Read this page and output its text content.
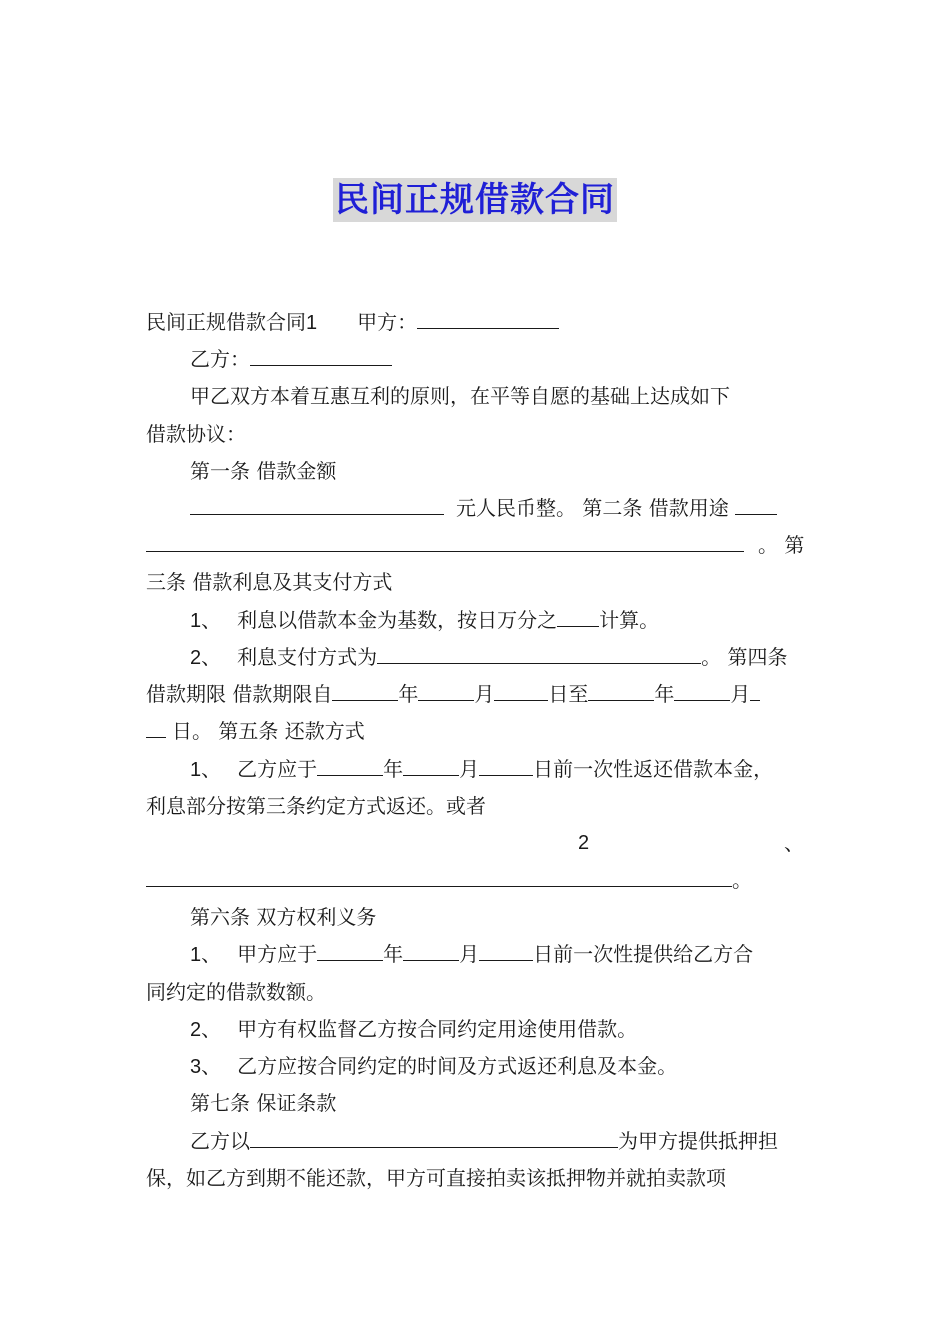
民间正规借款合同
民间正规借款合同1 甲方：
乙方：
甲乙双方本着互惠互利的原则，在平等自愿的基础上达成如下
借款协议：
第一条 借款金额
元人民币整。 第二条 借款用途
。 第
三条 借款利息及其支付方式
1、 利息以借款本金为基数，按日万分之 计算。
2、 利息支付方式为	。 第四条
借款期限 借款期限自	年	月	日至	年	月
日。 第五条 还款方式
1、 乙方应于	年	月	日前一次性返还借款本金，
利息部分按第三条约定方式返还。或者
2	、
。
第六条 双方权利义务
1、 甲方应于	年	月	日前一次性提供给乙方合
同约定的借款数额。
2、 甲方有权监督乙方按合同约定用途使用借款。
3、 乙方应按合同约定的时间及方式返还利息及本金。
第七条 保证条款
乙方以	为甲方提供抵押担
保，如乙方到期不能还款，甲方可直接拍卖该抵押物并就拍卖款项
